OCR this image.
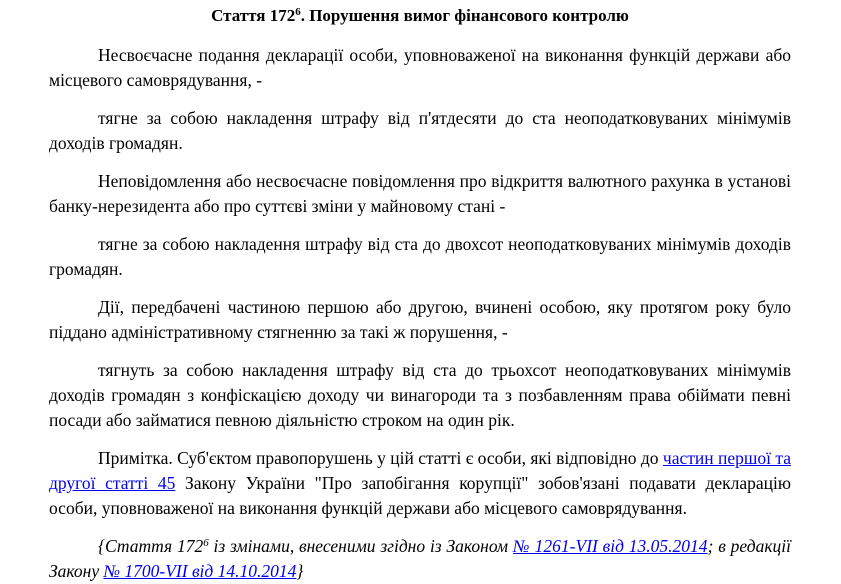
Стаття $172^6$. Порушення вимог фінансового контролю

Несвоєчасне подання декларації особи, уповноваженої на виконання функцій держави або місцевого самоврядування, -

тягне за собою накладення штрафу від п'ятдесяти до ста неоподатковуваних мінімумів доходів громадян.

Неповідомлення або несвоєчасне повідомлення про відкриття валютного рахунка в установі банку-нерезидента або про суттєві зміни у майновому стані -

тягне за собою накладення штрафу від ста до двохсот неоподатковуваних мінімумів доходів громадян.

Дії, передбачені частиною першою або другою, вчинені особою, яку протягом року було піддано адміністративному стягненню за такі ж порушення, -

тягнуть за собою накладення штрафу від ста до трьохсот неоподатковуваних мінімумів доходів громадян з конфіскацією доходу чи винагороди та з позбавленням права обіймати певні посади або займатися певною діяльністю строком на один рік.

Примітка. Суб'єктом правопорушень у цій статті є особи, які відповідно до частин першої та другої статті 45 Закону України "Про запобігання корупції" зобов'язані подавати декларацію особи, уповноваженої на виконання функцій держави або місцевого самоврядування.

{Стаття $172^6$ із змінами, внесеними згідно із Законом № 1261-VII від 13.05.2014; в редакції Закону № 1700-VII від 14.10.2014}
